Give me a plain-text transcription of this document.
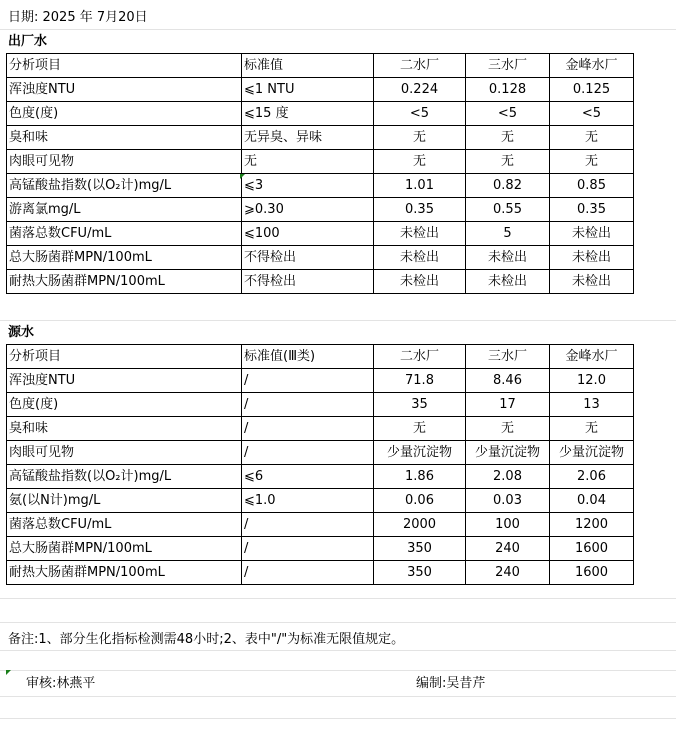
日期: 2025 年 7月20日
出厂水
分析项目	标准值	二水厂	三水厂	金峰水厂
浑浊度NTU	⩽1 NTU	0.224	0.128	0.125
色度(度)	⩽15 度	<5	<5	<5
臭和味	无异臭、异味	无	无	无
肉眼可见物	无	无	无	无
高锰酸盐指数(以O₂计)mg/L	⩽3	1.01	0.82	0.85
游离氯mg/L	⩾0.30	0.35	0.55	0.35
菌落总数CFU/mL	⩽100	未检出	5	未检出
总大肠菌群MPN/100mL	不得检出	未检出	未检出	未检出
耐热大肠菌群MPN/100mL	不得检出	未检出	未检出	未检出
源水
分析项目	标准值(Ⅲ类)	二水厂	三水厂	金峰水厂
浑浊度NTU	/	71.8	8.46	12.0
色度(度)	/	35	17	13
臭和味	/	无	无	无
肉眼可见物	/	少量沉淀物	少量沉淀物	少量沉淀物
高锰酸盐指数(以O₂计)mg/L	⩽6	1.86	2.08	2.06
氨(以N计)mg/L	⩽1.0	0.06	0.03	0.04
菌落总数CFU/mL	/	2000	100	1200
总大肠菌群MPN/100mL	/	350	240	1600
耐热大肠菌群MPN/100mL	/	350	240	1600
备注:1、部分生化指标检测需48小时;2、表中"/"为标准无限值规定。
审核:林燕平	编制:吴昔芹
